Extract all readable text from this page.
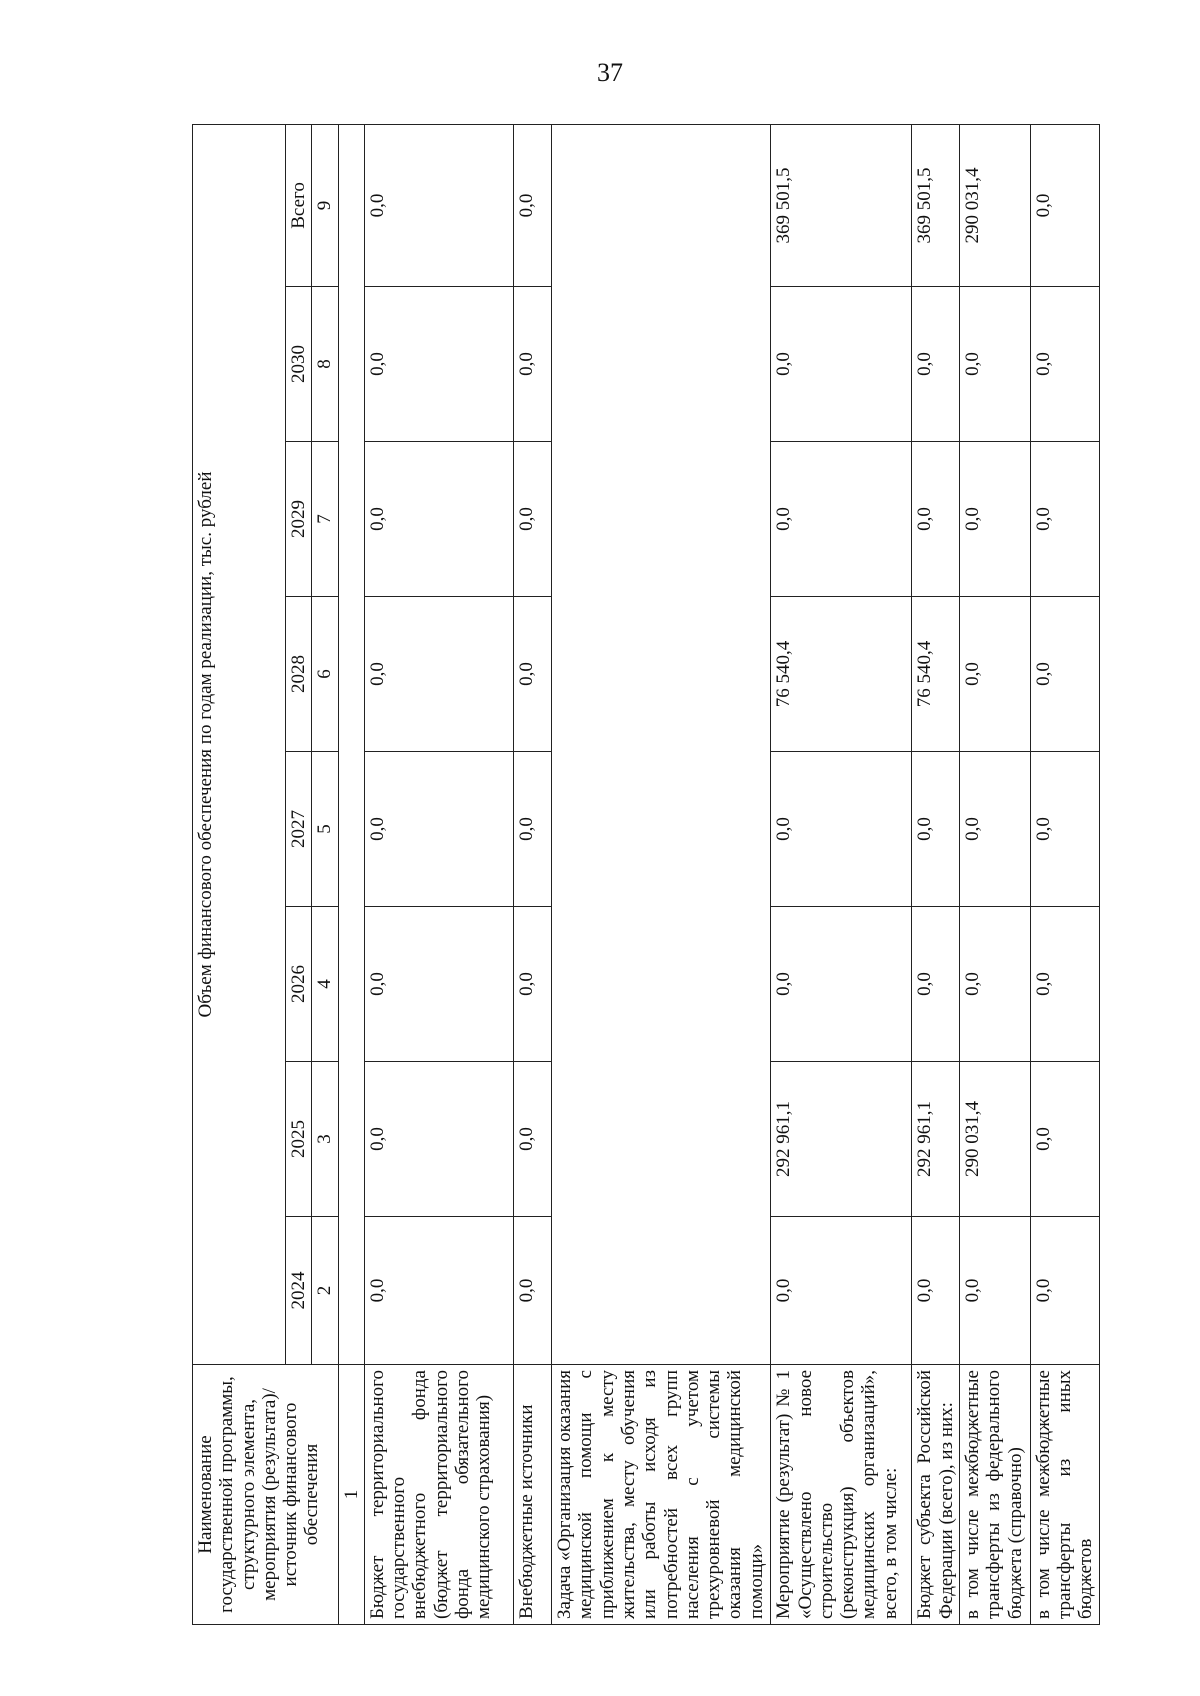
37
Наименование государственной программы, структурного элемента, мероприятия (результата)/источник финансового обеспечения	Объем финансового обеспечения по годам реализации, тыс. рублей							
	2024	2025	2026	2027	2028	2029	2030	Всего
	2	3	4	5	6	7	8	9
1								
Бюджет территориального государственного внебюджетного фонда (бюджет территориального фонда обязательного медицинского страхования)	0,0	0,0	0,0	0,0	0,0	0,0	0,0	0,0
Внебюджетные источники	0,0	0,0	0,0	0,0	0,0	0,0	0,0	0,0
Задача «Организация оказания медицинской помощи с приближением к месту жительства, месту обучения или работы исходя из потребностей всех групп населения с учетом трехуровневой системы оказания медицинской помощи»								
Мероприятие (результат) № 1 «Осуществлено новое строительство (реконструкция) объектов медицинских организаций», всего, в том числе:	0,0	292 961,1	0,0	0,0	76 540,4	0,0	0,0	369 501,5
Бюджет субъекта Российской Федерации (всего), из них:	0,0	292 961,1	0,0	0,0	76 540,4	0,0	0,0	369 501,5
в том числе межбюджетные трансферты из федерального бюджета (справочно)	0,0	290 031,4	0,0	0,0	0,0	0,0	0,0	290 031,4
в том числе межбюджетные трансферты из иных бюджетов	0,0	0,0	0,0	0,0	0,0	0,0	0,0	0,0
